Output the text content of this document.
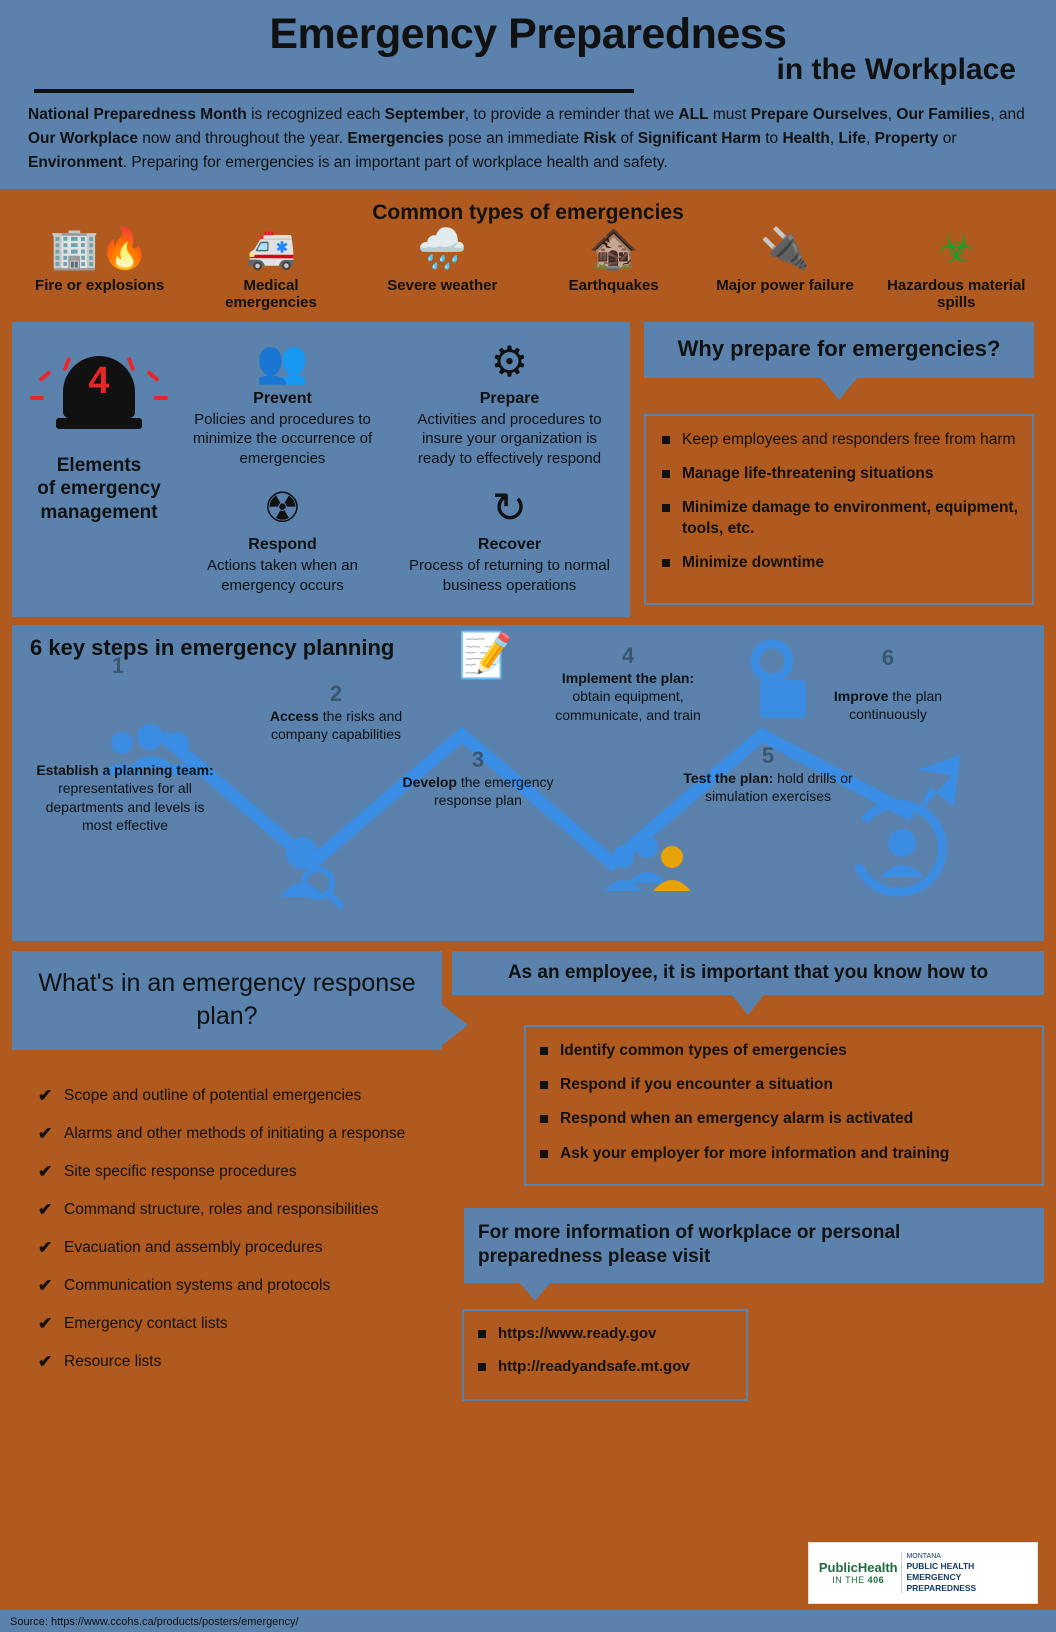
Emergency Preparedness
in the Workplace
National Preparedness Month is recognized each September, to provide a reminder that we ALL must Prepare Ourselves, Our Families, and Our Workplace now and throughout the year. Emergencies pose an immediate Risk of Significant Harm to Health, Life, Property or Environment. Preparing for emergencies is an important part of workplace health and safety.
Common types of emergencies
🏢🔥
Fire or explosions
🚑
Medical emergencies
🌧️
Severe weather
🏚️
Earthquakes
🔌
Major power failure
☣
Hazardous material spills
4
Elements
of emergency
management
👥
Prevent
Policies and procedures to minimize the occurrence of emergencies
⚙
Prepare
Activities and procedures to insure your organization is ready to effectively respond
☢
Respond
Actions taken when an emergency occurs
↻
Recover
Process of returning to normal business operations
Why prepare for emergencies?
Keep employees and responders free from harm
Manage life-threatening situations
Minimize damage to environment, equipment, tools, etc.
Minimize downtime
6 key steps in emergency planning
1
Establish a planning team: representatives for all departments and levels is most effective
2
Access the risks and company capabilities
3
Develop the emergency response plan
📝	4
Implement the plan: obtain equipment, communicate, and train
5
Test the plan: hold drills or simulation exercises
6
Improve the plan continuously
What's in an emergency response plan?
✔ Scope and outline of potential emergencies
✔ Alarms and other methods of initiating a response
✔ Site specific response procedures
✔ Command structure, roles and responsibilities
✔ Evacuation and assembly procedures
✔ Communication systems and protocols
✔ Emergency contact lists
✔ Resource lists
As an employee, it is important that you know how to
Identify common types of emergencies
Respond if you encounter a situation
Respond when an emergency alarm is activated
Ask your employer for more information and training
For more information of workplace or personal preparedness please visit
https://www.ready.gov
http://readyandsafe.mt.gov
PublicHealth
IN THE 406
MONTANA
PUBLIC HEALTH
EMERGENCY PREPAREDNESS
Source: https://www.ccohs.ca/products/posters/emergency/
